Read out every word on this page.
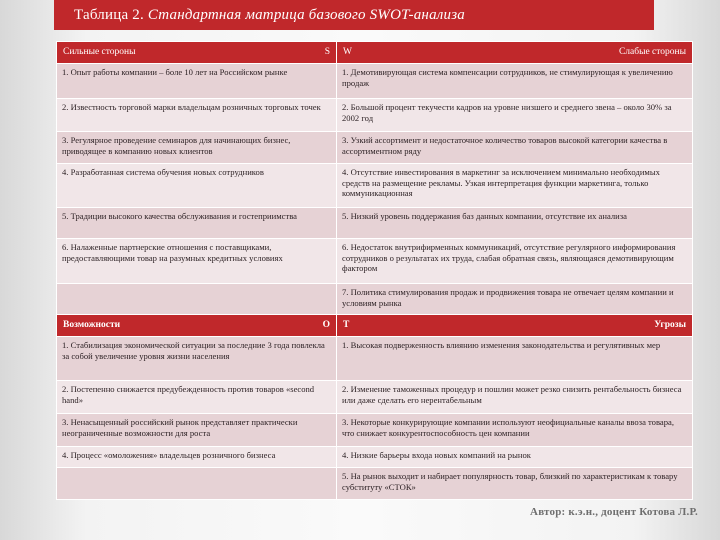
Таблица 2. Стандартная матрица базового SWOT-анализа
Сильные стороны S	W Слабые стороны

1. Опыт работы компании – боле 10 лет на Российском рынке	1. Демотивирующая система компенсации сотрудников, не стимулирующая к увеличению продаж
2. Известность торговой марки владельцам розничных торговых точек	2. Большой процент текучести кадров на уровне низшего и среднего звена – около 30% за 2002 год
3. Регулярное проведение семинаров для начинающих бизнес, приводящее в компанию новых клиентов	3. Узкий ассортимент и недостаточное количество товаров высокой категории качества в ассортиментном ряду
4. Разработанная система обучения новых сотрудников	4. Отсутствие инвестирования в маркетинг за исключением минимально необходимых средств на размещение рекламы. Узкая интерпретация функции маркетинга, только коммуникационная
5. Традиции высокого качества обслуживания и гостеприимства	5. Низкий уровень поддержания баз данных компании, отсутствие их анализа
6. Налаженные партнерские отношения с поставщиками, предоставляющими товар на разумных кредитных условиях	6. Недостаток внутрифирменных коммуникаций, отсутствие регулярного информирования сотрудников о результатах их труда, слабая обратная связь, являющаяся демотивирующим фактором
	7. Политика стимулирования продаж и продвижения товара не отвечает целям компании и условиям рынка

Возможности O	T Угрозы

1. Стабилизация экономической ситуации за последние 3 года повлекла за собой увеличение уровня жизни населения	1. Высокая подверженность влиянию изменения законодательства и регулятивных мер
2. Постепенно снижается предубежденность против товаров «second hand»	2. Изменение таможенных процедур и пошлин может резко снизить рентабельность бизнеса или даже сделать его нерентабельным
3. Ненасыщенный российский рынок представляет практически неограниченные возможности для роста	3. Некоторые конкурирующие компании используют неофициальные каналы ввоза товара, что снижает конкурентоспособность цен компании
4. Процесс «омоложения» владельцев розничного бизнеса	4. Низкие барьеры входа новых компаний на рынок
	5. На рынок выходит и набирает популярность товар, близкий по характеристикам к товару субституту «СТОК»
Автор: к.э.н., доцент Котова Л.Р.
